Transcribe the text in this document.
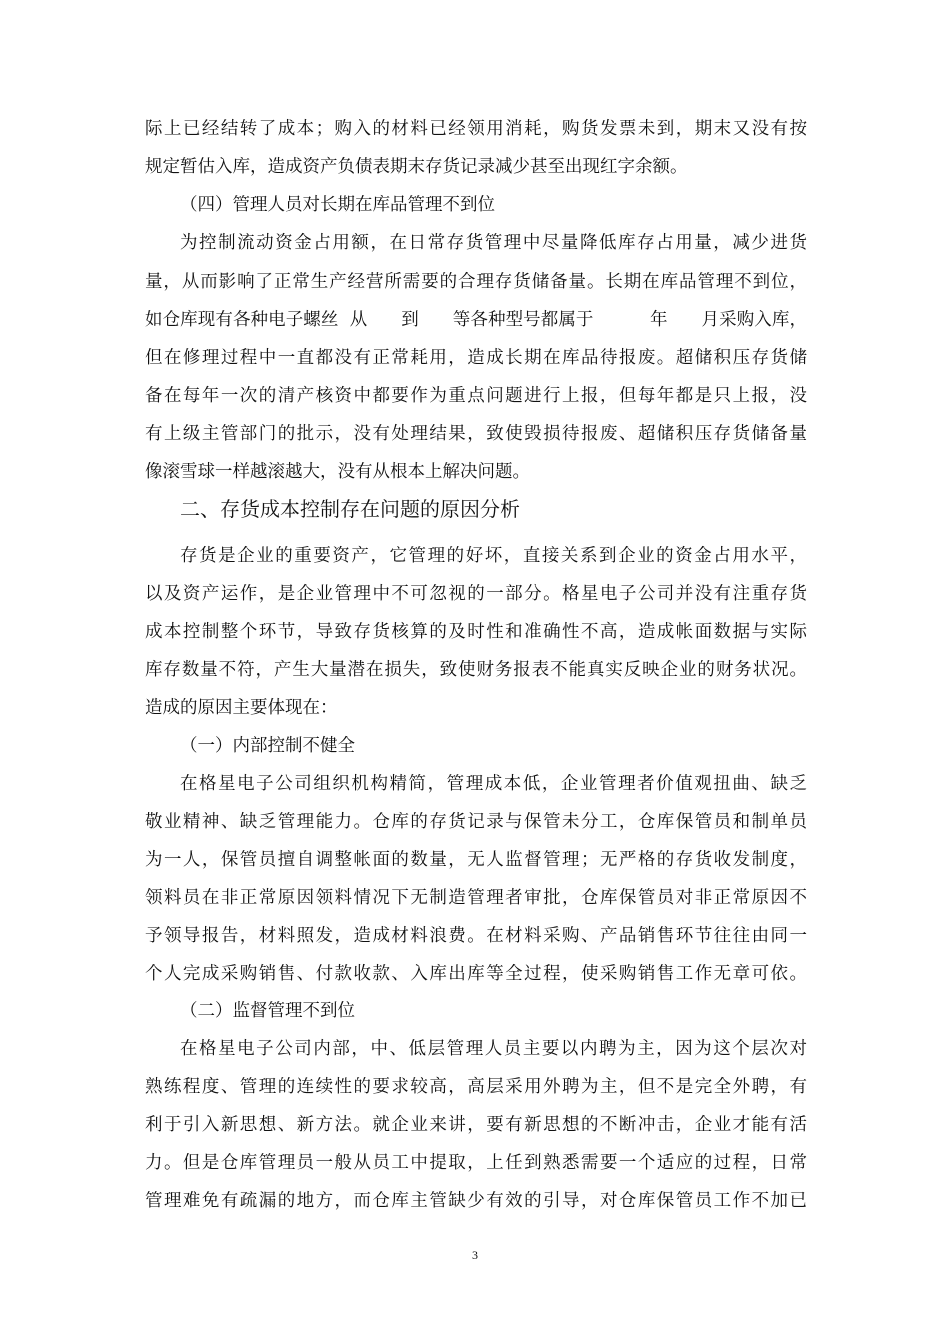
际上已经结转了成本；购入的材料已经领用消耗，购货发票未到，期末又没有按
规定暂估入库，造成资产负债表期末存货记录减少甚至出现红字余额。
（四）管理人员对长期在库品管理不到位
为控制流动资金占用额，在日常存货管理中尽量降低库存占用量，减少进货
量，从而影响了正常生产经营所需要的合理存货储备量。长期在库品管理不到位，
如仓库现有各种电子螺丝  从      到      等各种型号都属于          年      月采购入库，
但在修理过程中一直都没有正常耗用，造成长期在库品待报废。超储积压存货储
备在每年一次的清产核资中都要作为重点问题进行上报，但每年都是只上报，没
有上级主管部门的批示，没有处理结果，致使毁损待报废、超储积压存货储备量
像滚雪球一样越滚越大，没有从根本上解决问题。
二、存货成本控制存在问题的原因分析
存货是企业的重要资产，它管理的好坏，直接关系到企业的资金占用水平，
以及资产运作，是企业管理中不可忽视的一部分。格星电子公司并没有注重存货
成本控制整个环节，导致存货核算的及时性和准确性不高，造成帐面数据与实际
库存数量不符，产生大量潜在损失，致使财务报表不能真实反映企业的财务状况。
造成的原因主要体现在：
（一）内部控制不健全
在格星电子公司组织机构精简，管理成本低，企业管理者价值观扭曲、缺乏
敬业精神、缺乏管理能力。仓库的存货记录与保管未分工，仓库保管员和制单员
为一人，保管员擅自调整帐面的数量，无人监督管理；无严格的存货收发制度，
领料员在非正常原因领料情况下无制造管理者审批，仓库保管员对非正常原因不
予领导报告，材料照发，造成材料浪费。在材料采购、产品销售环节往往由同一
个人完成采购销售、付款收款、入库出库等全过程，使采购销售工作无章可依。
（二）监督管理不到位
在格星电子公司内部，中、低层管理人员主要以内聘为主，因为这个层次对
熟练程度、管理的连续性的要求较高，高层采用外聘为主，但不是完全外聘，有
利于引入新思想、新方法。就企业来讲，要有新思想的不断冲击，企业才能有活
力。但是仓库管理员一般从员工中提取，上任到熟悉需要一个适应的过程，日常
管理难免有疏漏的地方，而仓库主管缺少有效的引导，对仓库保管员工作不加已
3
